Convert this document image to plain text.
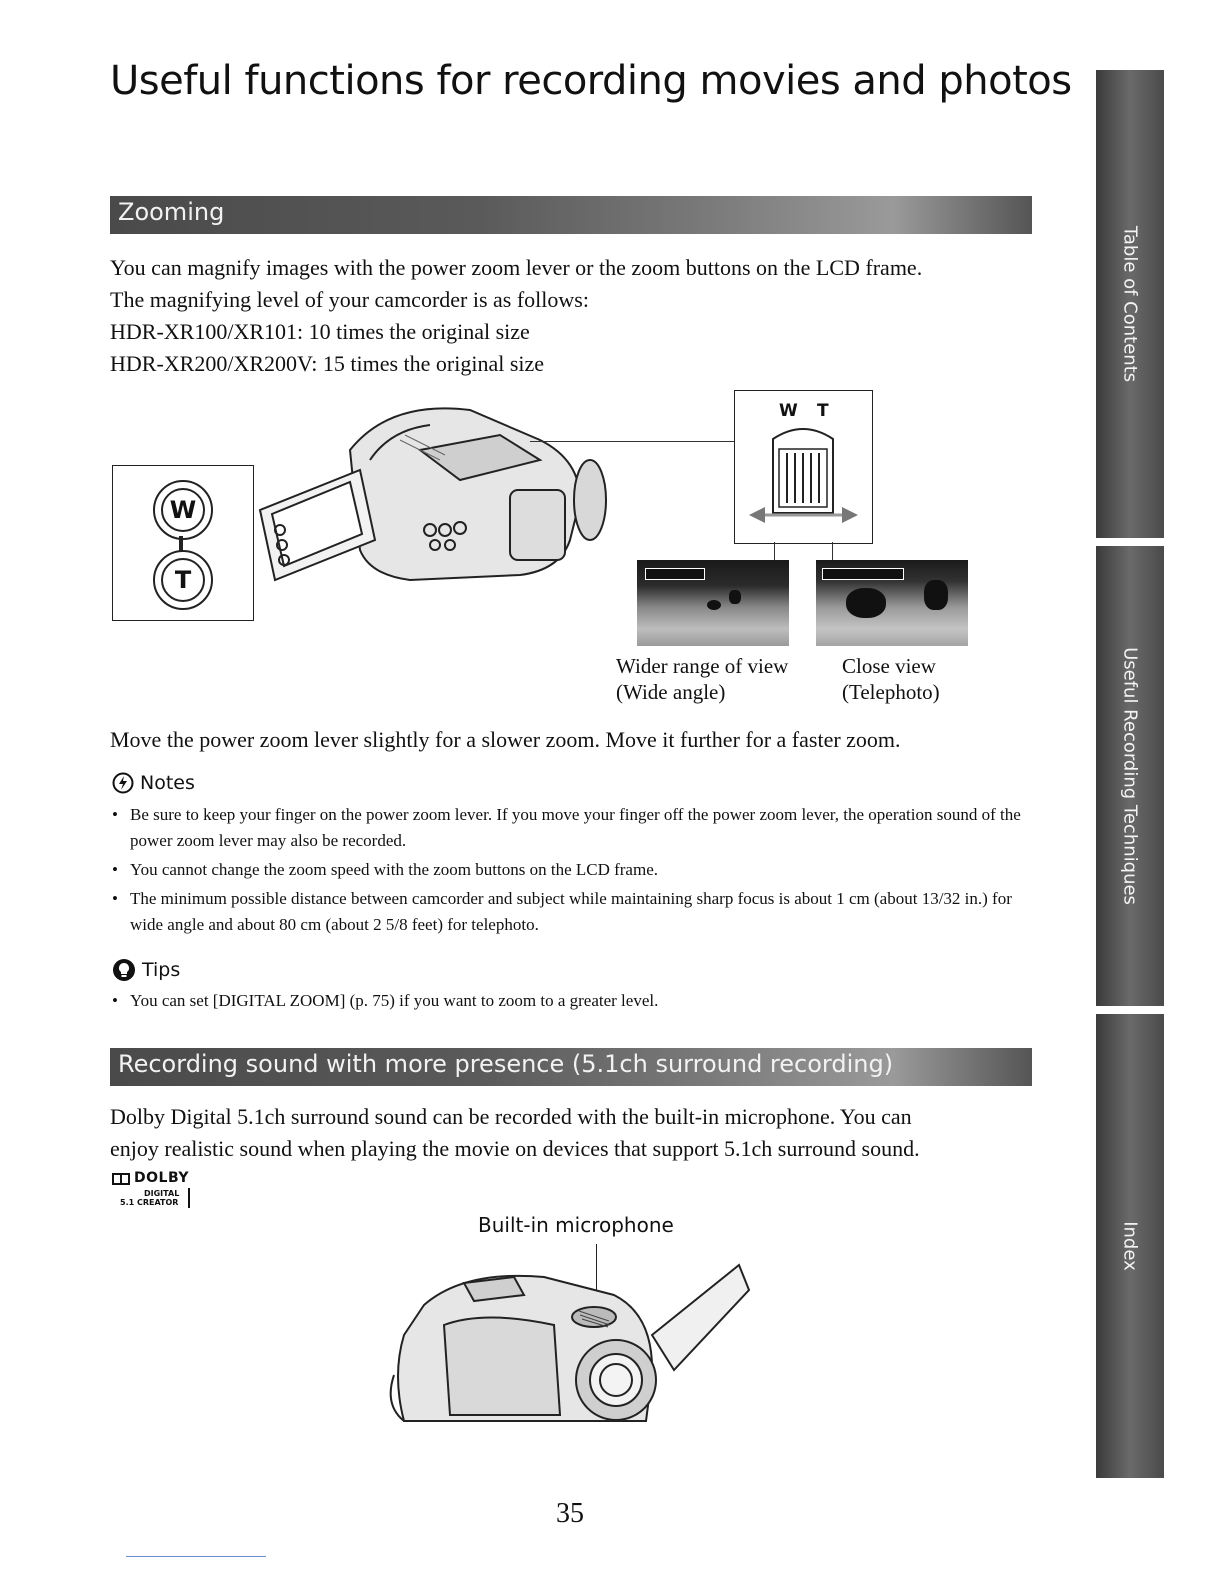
Useful functions for recording movies and photos
Zooming
You can magnify images with the power zoom lever or the zoom buttons on the LCD frame.
The magnifying level of your camcorder is as follows:
HDR-XR100/XR101: 10 times the original size
HDR-XR200/XR200V: 15 times the original size
W
T
W T
Wider range of view
(Wide angle)
Close view
(Telephoto)
Move the power zoom lever slightly for a slower zoom. Move it further for a faster zoom.
Notes
• Be sure to keep your finger on the power zoom lever. If you move your finger off the power zoom lever, the operation sound of the power zoom lever may also be recorded.
• You cannot change the zoom speed with the zoom buttons on the LCD frame.
• The minimum possible distance between camcorder and subject while maintaining sharp focus is about 1 cm (about 13/32 in.) for wide angle and about 80 cm (about 2 5/8 feet) for telephoto.
Tips
• You can set [DIGITAL ZOOM] (p. 75) if you want to zoom to a greater level.
Recording sound with more presence (5.1ch surround recording)
Dolby Digital 5.1ch surround sound can be recorded with the built-in microphone. You can
enjoy realistic sound when playing the movie on devices that support 5.1ch surround sound.
DOLBY
DIGITAL
5.1 CREATOR
Built-in microphone
Table of Contents
Useful Recording Techniques
Index
35
